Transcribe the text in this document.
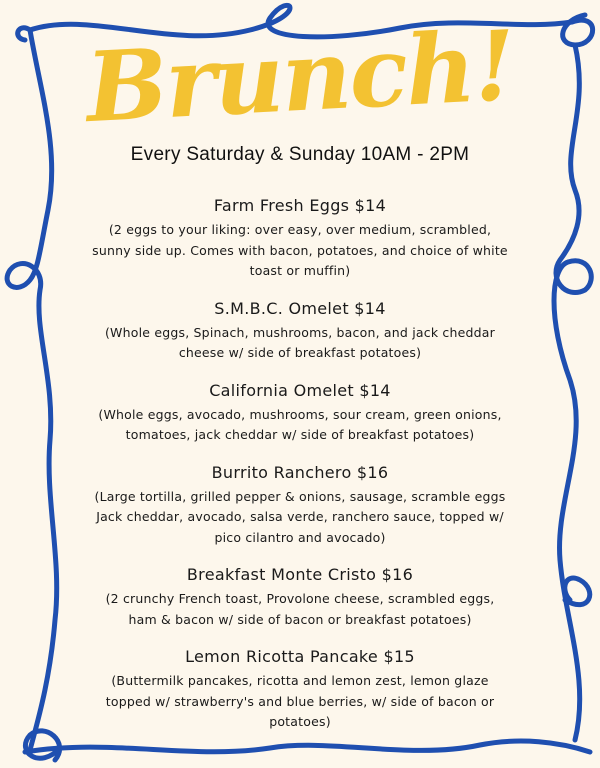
Brunch!
Every Saturday & Sunday 10AM - 2PM
Farm Fresh Eggs $14
(2 eggs to your liking: over easy, over medium, scrambled, sunny side up. Comes with bacon, potatoes, and choice of white toast or muffin)
S.M.B.C. Omelet $14
(Whole eggs, Spinach, mushrooms, bacon, and jack cheddar cheese w/ side of breakfast potatoes)
California Omelet $14
(Whole eggs, avocado, mushrooms, sour cream, green onions, tomatoes, jack cheddar w/ side of breakfast potatoes)
Burrito Ranchero $16
(Large tortilla, grilled pepper & onions, sausage, scramble eggs Jack cheddar, avocado, salsa verde, ranchero sauce, topped w/ pico cilantro and avocado)
Breakfast Monte Cristo $16
(2 crunchy French toast, Provolone cheese, scrambled eggs, ham & bacon w/ side of bacon or breakfast potatoes)
Lemon Ricotta Pancake $15
(Buttermilk pancakes, ricotta and lemon zest, lemon glaze topped w/ strawberry's and blue berries, w/ side of bacon or potatoes)
